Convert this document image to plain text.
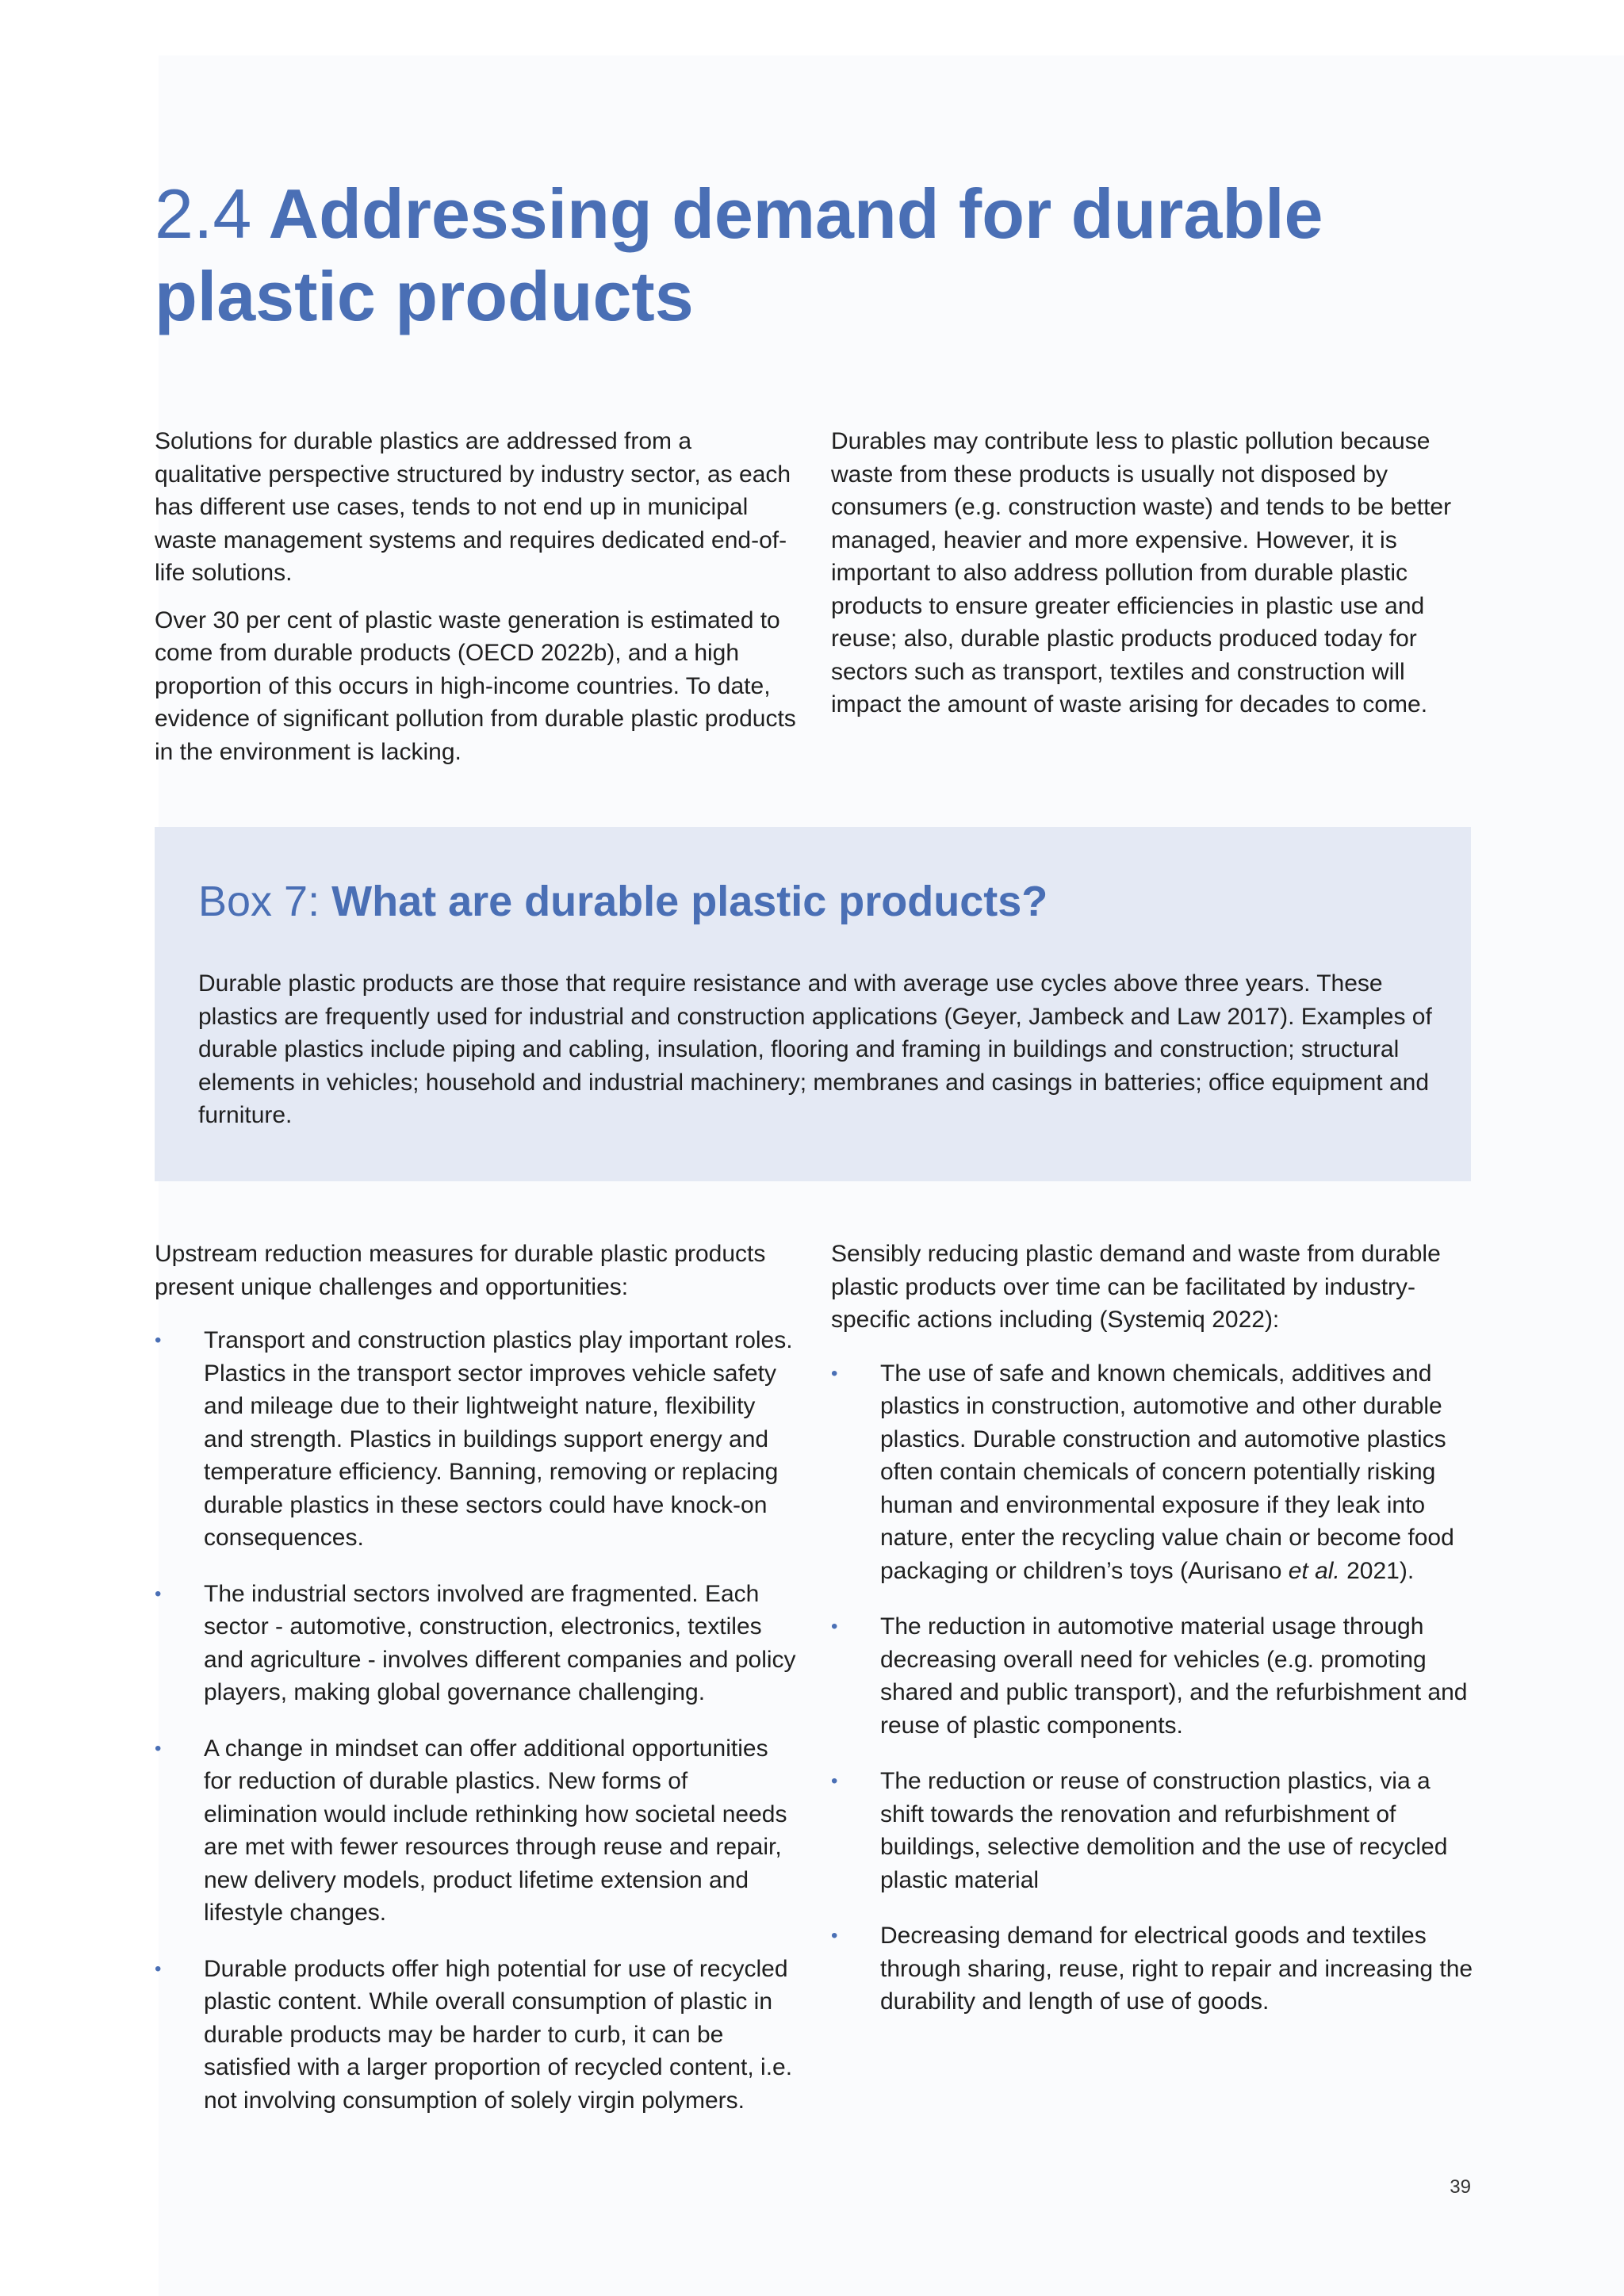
2.4 Addressing demand for durable plastic products

Solutions for durable plastics are addressed from a qualitative perspective structured by industry sector, as each has different use cases, tends to not end up in municipal waste management systems and requires dedicated end-of-life solutions.

Over 30 per cent of plastic waste generation is estimated to come from durable products (OECD 2022b), and a high proportion of this occurs in high-income countries. To date, evidence of significant pollution from durable plastic products in the environment is lacking.

Durables may contribute less to plastic pollution because waste from these products is usually not disposed by consumers (e.g. construction waste) and tends to be better managed, heavier and more expensive. However, it is important to also address pollution from durable plastic products to ensure greater efficiencies in plastic use and reuse; also, durable plastic products produced today for sectors such as transport, textiles and construction will impact the amount of waste arising for decades to come.

Box 7: What are durable plastic products?

Durable plastic products are those that require resistance and with average use cycles above three years. These plastics are frequently used for industrial and construction applications (Geyer, Jambeck and Law 2017). Examples of durable plastics include piping and cabling, insulation, flooring and framing in buildings and construction; structural elements in vehicles; household and industrial machinery; membranes and casings in batteries; office equipment and furniture.

Upstream reduction measures for durable plastic products present unique challenges and opportunities:

• Transport and construction plastics play important roles. Plastics in the transport sector improves vehicle safety and mileage due to their lightweight nature, flexibility and strength. Plastics in buildings support energy and temperature efficiency. Banning, removing or replacing durable plastics in these sectors could have knock-on consequences.
• The industrial sectors involved are fragmented. Each sector - automotive, construction, electronics, textiles and agriculture - involves different companies and policy players, making global governance challenging.
• A change in mindset can offer additional opportunities for reduction of durable plastics. New forms of elimination would include rethinking how societal needs are met with fewer resources through reuse and repair, new delivery models, product lifetime extension and lifestyle changes.
• Durable products offer high potential for use of recycled plastic content. While overall consumption of plastic in durable products may be harder to curb, it can be satisfied with a larger proportion of recycled content, i.e. not involving consumption of solely virgin polymers.

Sensibly reducing plastic demand and waste from durable plastic products over time can be facilitated by industry-specific actions including (Systemiq 2022):

• The use of safe and known chemicals, additives and plastics in construction, automotive and other durable plastics. Durable construction and automotive plastics often contain chemicals of concern potentially risking human and environmental exposure if they leak into nature, enter the recycling value chain or become food packaging or children’s toys (Aurisano et al. 2021).
• The reduction in automotive material usage through decreasing overall need for vehicles (e.g. promoting shared and public transport), and the refurbishment and reuse of plastic components.
• The reduction or reuse of construction plastics, via a shift towards the renovation and refurbishment of buildings, selective demolition and the use of recycled plastic material
• Decreasing demand for electrical goods and textiles through sharing, reuse, right to repair and increasing the durability and length of use of goods.
39
